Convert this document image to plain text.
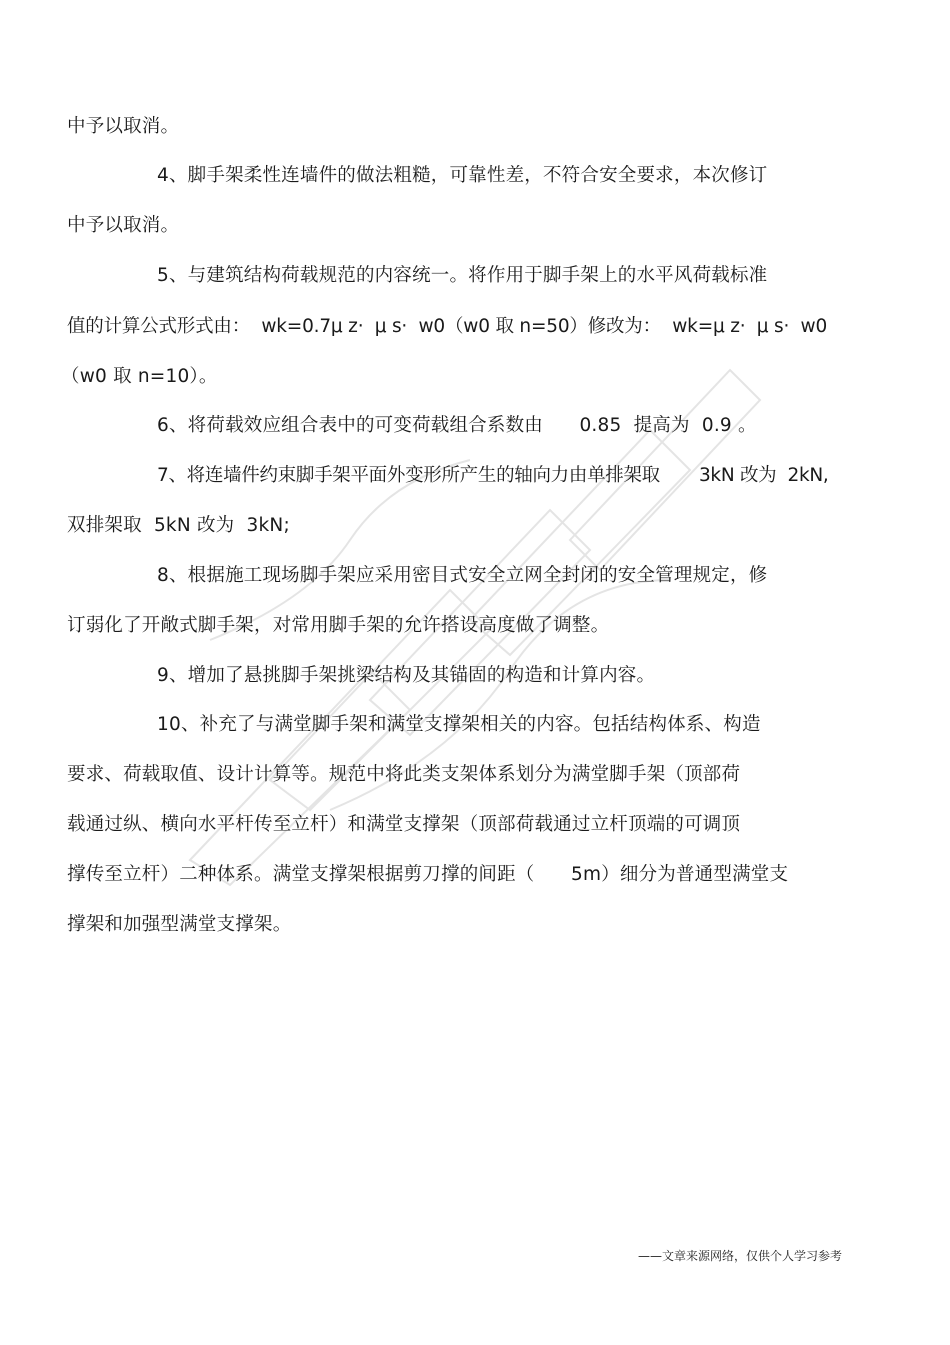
中予以取消。
4、脚手架柔性连墙件的做法粗糙，可靠性差，不符合安全要求，本次修订
中予以取消。
5、与建筑结构荷载规范的内容统一。将作用于脚手架上的水平风荷载标准
值的计算公式形式由：  wk=0.7μ z·  μ s·  w0（w0 取 n=50）修改为：  wk=μ z·  μ s·  w0
（w0 取 n=10）。
6、将荷载效应组合表中的可变荷载组合系数由      0.85  提高为  0.9 。
7、将连墙件约束脚手架平面外变形所产生的轴向力由单排架取       3kN 改为  2kN,
双排架取  5kN 改为  3kN;
8、根据施工现场脚手架应采用密目式安全立网全封闭的安全管理规定，修
订弱化了开敞式脚手架，对常用脚手架的允许搭设高度做了调整。
9、增加了悬挑脚手架挑梁结构及其锚固的构造和计算内容。
10、补充了与满堂脚手架和满堂支撑架相关的内容。包括结构体系、构造
要求、荷载取值、设计计算等。规范中将此类支架体系划分为满堂脚手架（顶部荷
载通过纵、横向水平杆传至立杆）和满堂支撑架（顶部荷载通过立杆顶端的可调顶
撑传至立杆）二种体系。满堂支撑架根据剪刀撑的间距（      5m）细分为普通型满堂支
撑架和加强型满堂支撑架。
——文章来源网络，仅供个人学习参考
